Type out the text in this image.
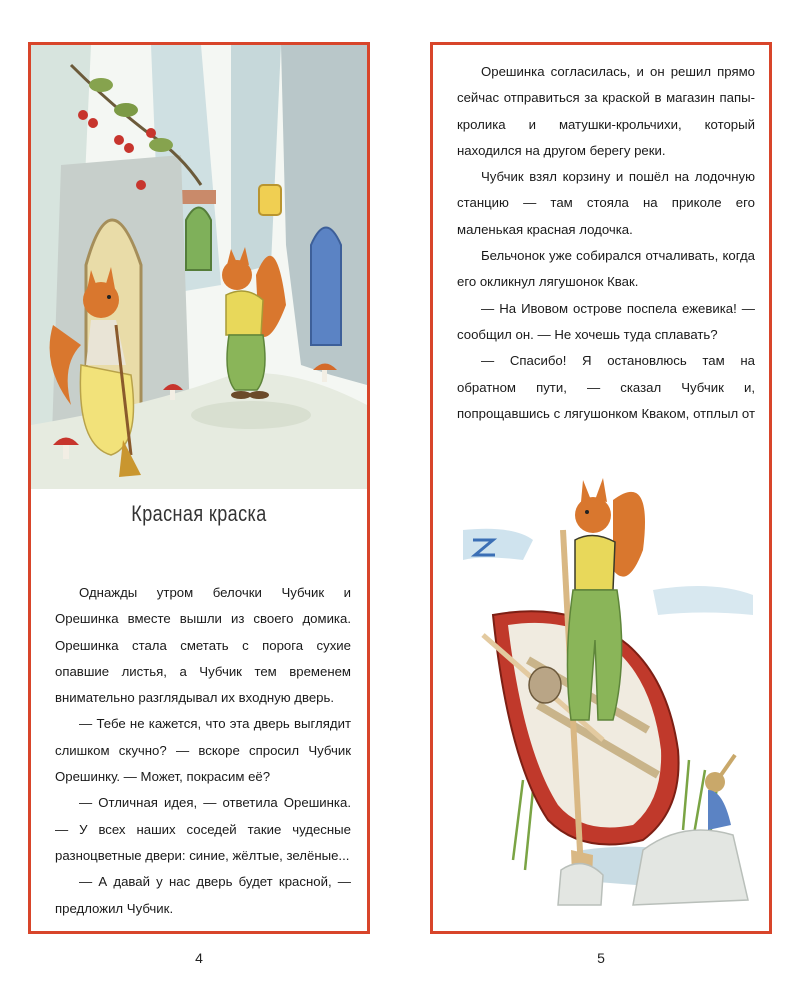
Красная краска

Однажды утром белочки Чубчик и Орешинка вместе вышли из своего домика. Орешинка стала сметать с порога сухие опавшие листья, а Чубчик тем временем внимательно разглядывал их входную дверь.

— Тебе не кажется, что эта дверь выглядит слишком скучно? — вскоре спросил Чубчик Орешинку. — Может, покрасим её?

— Отличная идея, — ответила Орешинка. — У всех наших соседей такие чудесные разноцветные двери: синие, жёлтые, зелёные...

— А давай у нас дверь будет красной, — предложил Чубчик.

4

Орешинка согласилась, и он решил прямо сейчас отправиться за краской в магазин папы-кролика и матушки-крольчихи, который находился на другом берегу реки.

Чубчик взял корзину и пошёл на лодочную станцию — там стояла на приколе его маленькая красная лодочка.

Бельчонок уже собирался отчаливать, когда его окликнул лягушонок Квак.

— На Ивовом острове поспела ежевика! — сообщил он. — Не хочешь туда сплавать?

— Спасибо! Я остановлюсь там на обратном пути, — сказал Чубчик и, попрощавшись с лягушонком Кваком, отплыл от

5
